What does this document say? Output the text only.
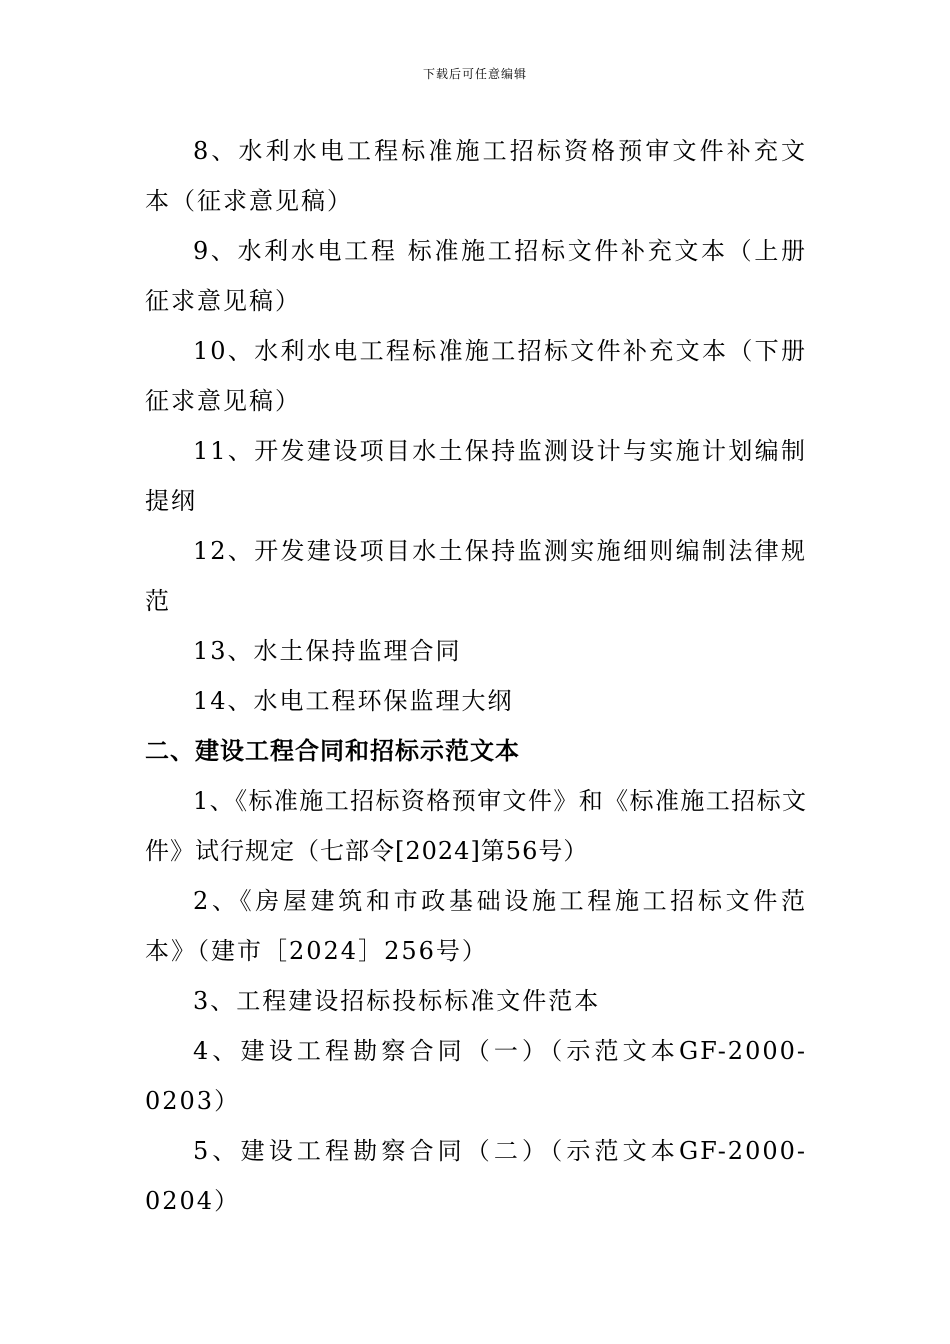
下载后可任意编辑

8、水利水电工程标准施工招标资格预审文件补充文本（征求意见稿）

9、水利水电工程 标准施工招标文件补充文本（上册征求意见稿）

10、水利水电工程标准施工招标文件补充文本（下册征求意见稿）

11、开发建设项目水土保持监测设计与实施计划编制提纲

12、开发建设项目水土保持监测实施细则编制法律规范

13、水土保持监理合同

14、水电工程环保监理大纲

二、建设工程合同和招标示范文本

1、《标准施工招标资格预审文件》和《标准施工招标文件》试行规定（七部令[2024]第56号）

2、《房屋建筑和市政基础设施工程施工招标文件范本》（建市［2024］256号）

3、工程建设招标投标标准文件范本

4、建设工程勘察合同（一）（示范文本GF-2000-0203）

5、建设工程勘察合同（二）（示范文本GF-2000-0204）
